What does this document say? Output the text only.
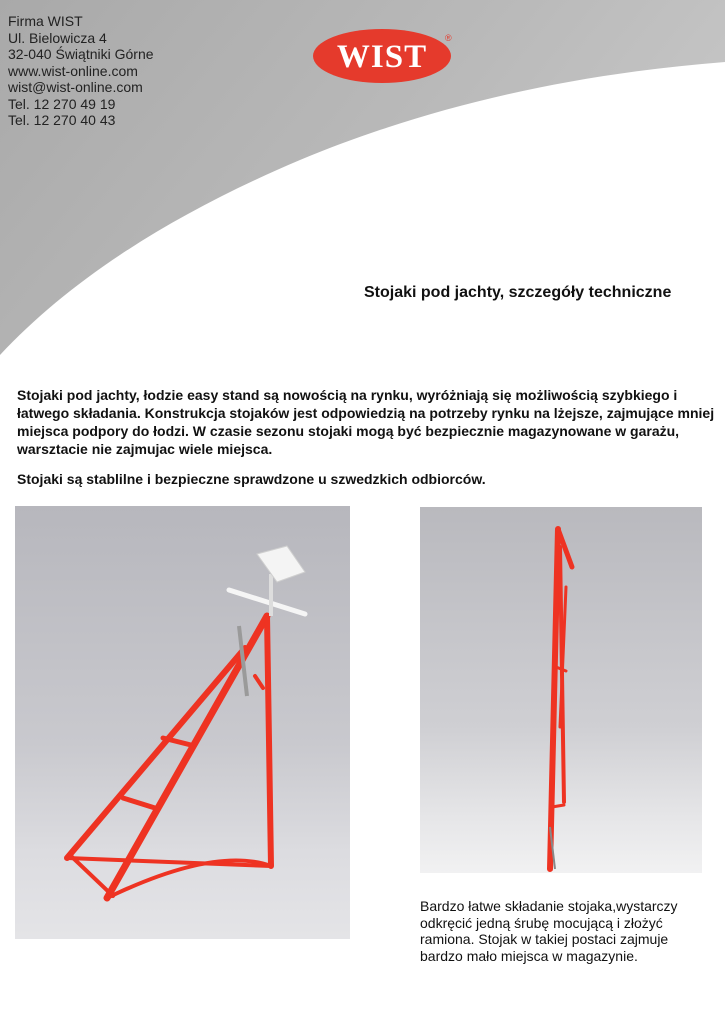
Firma WIST
Ul. Bielowicza 4
32-040 Świątniki Górne
www.wist-online.com
wist@wist-online.com
Tel. 12 270 49 19
Tel. 12 270 40 43
WIST
®
Stojaki pod jachty, szczegóły techniczne

Stojaki pod jachty, łodzie easy stand są nowością na rynku, wyróżniają się możliwością szybkiego i łatwego składania. Konstrukcja stojaków jest odpowiedzią na potrzeby rynku na lżejsze, zajmujące mniej miejsca podpory do łodzi. W czasie sezonu stojaki mogą być bezpiecznie magazynowane w garażu, warsztacie nie zajmujac wiele miejsca.

Stojaki są stablilne i bezpieczne sprawdzone u szwedzkich odbiorców.

Bardzo łatwe składanie stojaka,wystarczy odkręcić jedną śrubę mocującą i złożyć ramiona. Stojak w takiej postaci zajmuje bardzo mało miejsca w magazynie.
